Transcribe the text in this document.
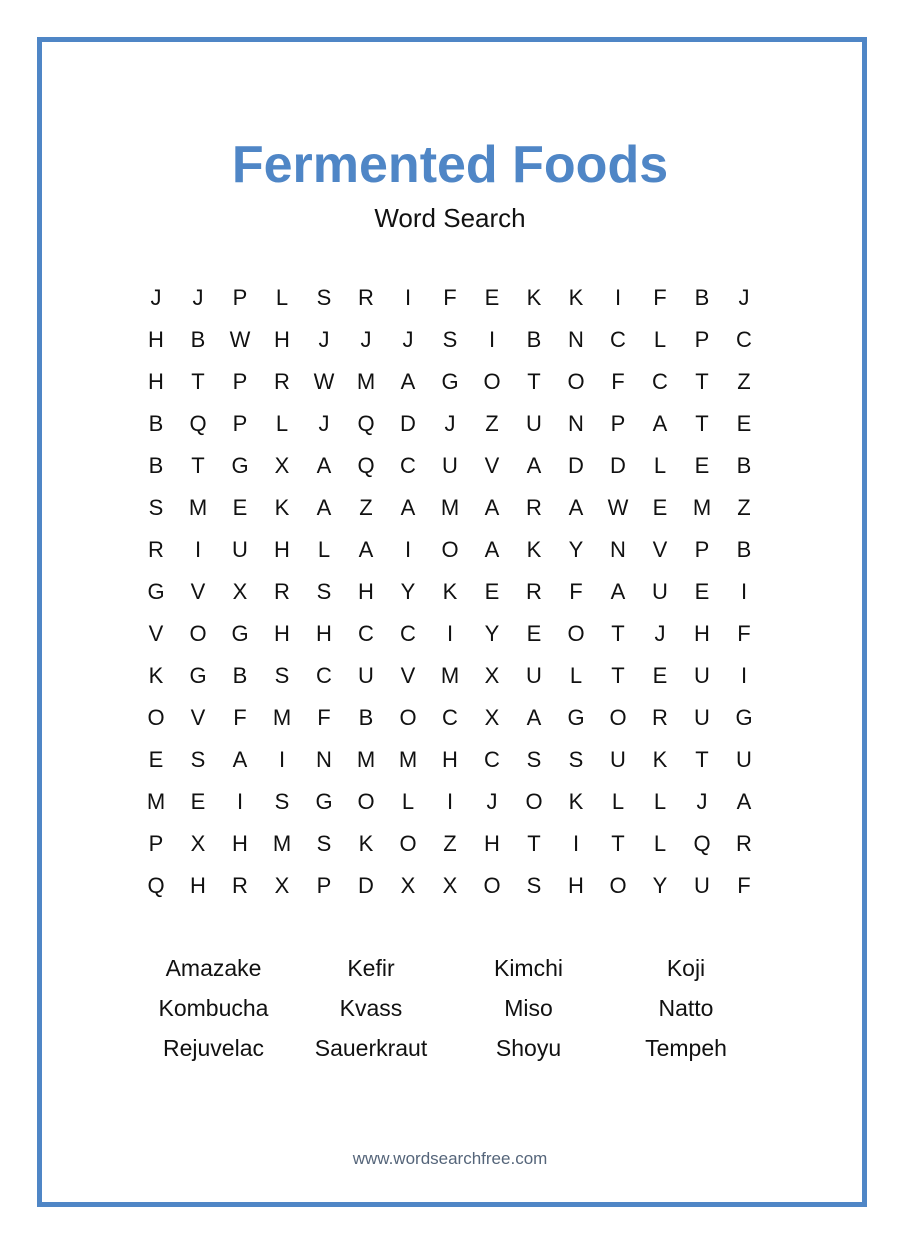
Fermented Foods
Word Search
J	J	P	L	S	R	I	F	E	K	K	I	F	B	J
H	B	W	H	J	J	J	S	I	B	N	C	L	P	C
H	T	P	R	W	M	A	G	O	T	O	F	C	T	Z
B	Q	P	L	J	Q	D	J	Z	U	N	P	A	T	E
B	T	G	X	A	Q	C	U	V	A	D	D	L	E	B
S	M	E	K	A	Z	A	M	A	R	A	W	E	M	Z
R	I	U	H	L	A	I	O	A	K	Y	N	V	P	B
G	V	X	R	S	H	Y	K	E	R	F	A	U	E	I
V	O	G	H	H	C	C	I	Y	E	O	T	J	H	F
K	G	B	S	C	U	V	M	X	U	L	T	E	U	I
O	V	F	M	F	B	O	C	X	A	G	O	R	U	G
E	S	A	I	N	M	M	H	C	S	S	U	K	T	U
M	E	I	S	G	O	L	I	J	O	K	L	L	J	A
P	X	H	M	S	K	O	Z	H	T	I	T	L	Q	R
Q	H	R	X	P	D	X	X	O	S	H	O	Y	U	F
Amazake	Kefir	Kimchi	Koji
Kombucha	Kvass	Miso	Natto
Rejuvelac	Sauerkraut	Shoyu	Tempeh
www.wordsearchfree.com
